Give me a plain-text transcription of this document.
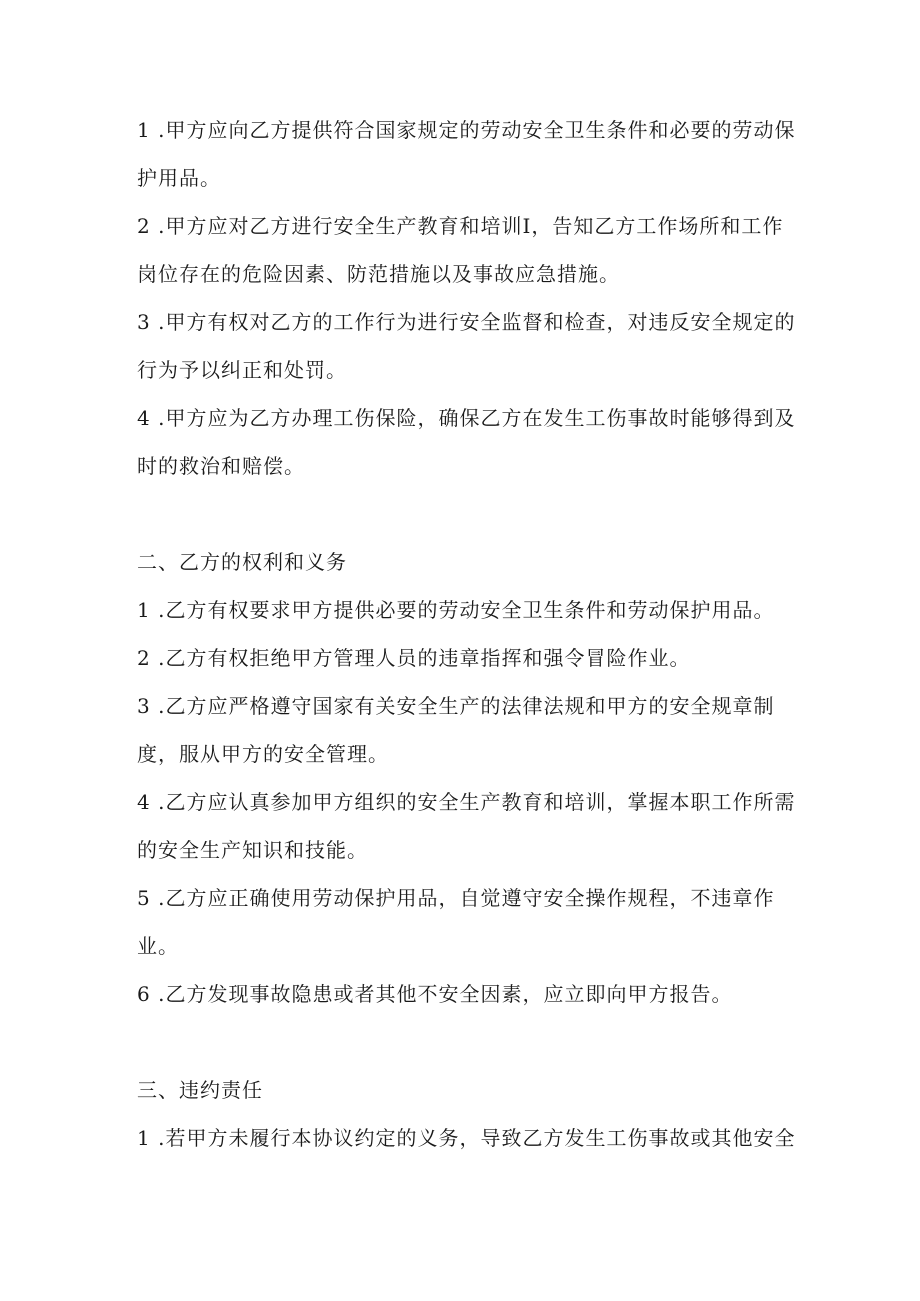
1 .甲方应向乙方提供符合国家规定的劳动安全卫生条件和必要的劳动保
护用品。
2 .甲方应对乙方进行安全生产教育和培训I，告知乙方工作场所和工作
岗位存在的危险因素、防范措施以及事故应急措施。
3 .甲方有权对乙方的工作行为进行安全监督和检查，对违反安全规定的
行为予以纠正和处罚。
4 .甲方应为乙方办理工伤保险，确保乙方在发生工伤事故时能够得到及
时的救治和赔偿。
二、乙方的权利和义务
1 .乙方有权要求甲方提供必要的劳动安全卫生条件和劳动保护用品。
2 .乙方有权拒绝甲方管理人员的违章指挥和强令冒险作业。
3 .乙方应严格遵守国家有关安全生产的法律法规和甲方的安全规章制
度，服从甲方的安全管理。
4 .乙方应认真参加甲方组织的安全生产教育和培训，掌握本职工作所需
的安全生产知识和技能。
5 .乙方应正确使用劳动保护用品，自觉遵守安全操作规程，不违章作
业。
6 .乙方发现事故隐患或者其他不安全因素，应立即向甲方报告。
三、违约责任
1 .若甲方未履行本协议约定的义务，导致乙方发生工伤事故或其他安全
